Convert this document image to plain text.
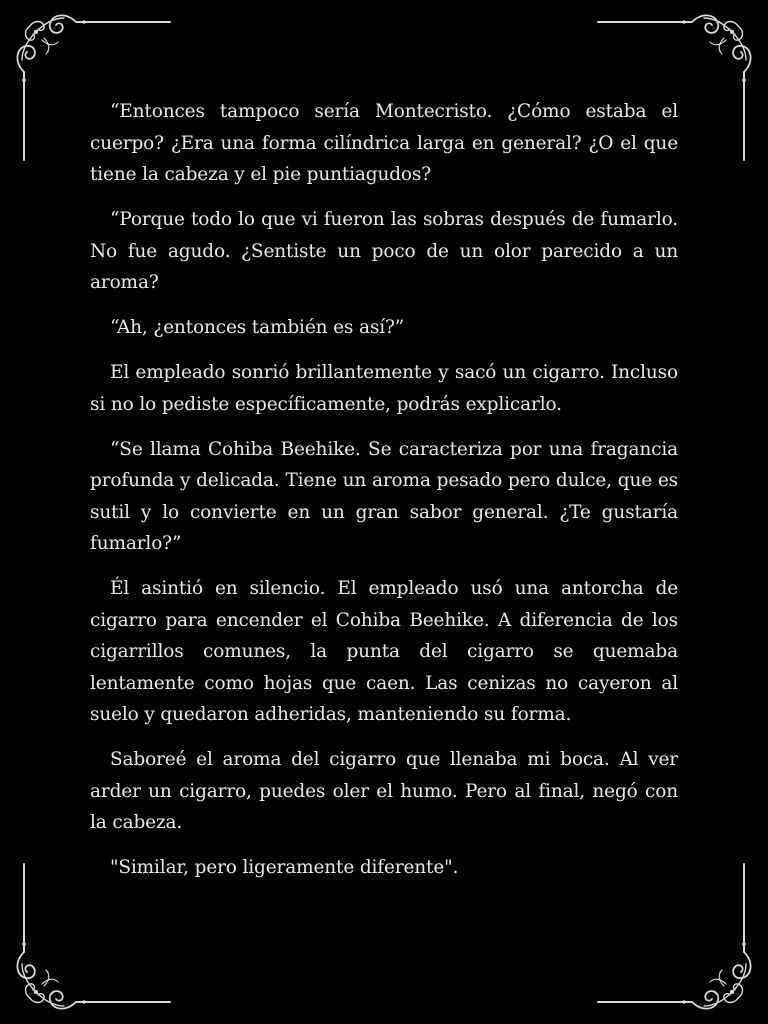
“Entonces tampoco sería Montecristo. ¿Cómo estaba el cuerpo? ¿Era una forma cilíndrica larga en general? ¿O el que tiene la cabeza y el pie puntiagudos?

“Porque todo lo que vi fueron las sobras después de fumarlo. No fue agudo. ¿Sentiste un poco de un olor parecido a un aroma?

“Ah, ¿entonces también es así?”

El empleado sonrió brillantemente y sacó un cigarro. Incluso si no lo pediste específicamente, podrás explicarlo.

“Se llama Cohiba Beehike. Se caracteriza por una fragancia profunda y delicada. Tiene un aroma pesado pero dulce, que es sutil y lo convierte en un gran sabor general. ¿Te gustaría fumarlo?”

Él asintió en silencio. El empleado usó una antorcha de cigarro para encender el Cohiba Beehike. A diferencia de los cigarrillos comunes, la punta del cigarro se quemaba lentamente como hojas que caen. Las cenizas no cayeron al suelo y quedaron adheridas, manteniendo su forma.

Saboreé el aroma del cigarro que llenaba mi boca. Al ver arder un cigarro, puedes oler el humo. Pero al final, negó con la cabeza.

"Similar, pero ligeramente diferente".
